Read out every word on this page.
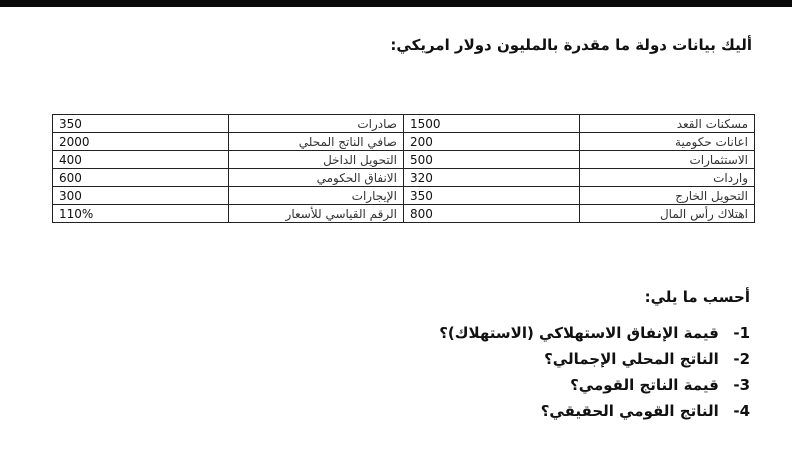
أليك بيانات دولة ما مقدرة بالمليون دولار امريكي:
350	صادرات	1500	مسكنات القعد
2000	صافي الناتج المحلي	200	اعانات حكومية
400	التحويل الداخل	500	الاستثمارات
600	الانفاق الحكومي	320	واردات
300	الإيجارات	350	التحويل الخارج
110%	الرقم القياسي للأسعار	800	اهتلاك رأس المال
أحسب ما يلي:
1- قيمة الإنفاق الاستهلاكي (الاستهلاك)؟
2- الناتج المحلي الإجمالي؟
3- قيمة الناتج القومي؟
4- الناتج القومي الحقيقي؟
